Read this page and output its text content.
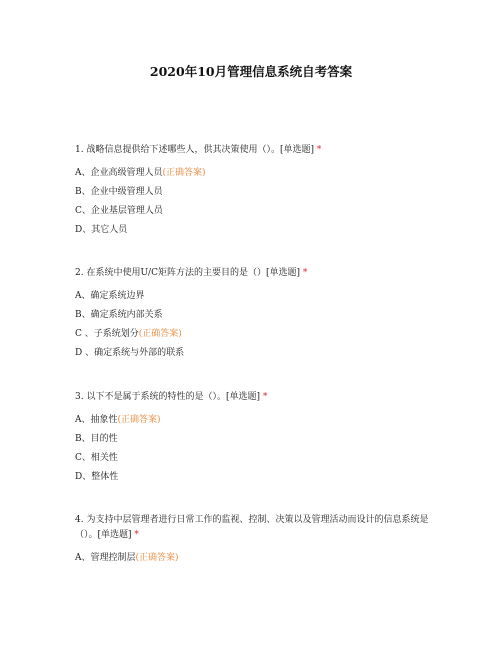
2020年10月管理信息系统自考答案
1. 战略信息提供给下述哪些人，供其决策使用（）。[单选题] *
A、企业高级管理人员(正确答案)
B、企业中级管理人员
C、企业基层管理人员
D、其它人员
2. 在系统中使用U/C矩阵方法的主要目的是（）[单选题] *
A、确定系统边界
B、确定系统内部关系
C 、子系统划分(正确答案)
D 、确定系统与外部的联系
3. 以下不是属于系统的特性的是（）。[单选题] *
A、抽象性(正确答案)
B、目的性
C、相关性
D、整体性
4. 为支持中层管理者进行日常工作的监视、控制、决策以及管理活动而设计的信息系统是（）。[单选题] *
A、管理控制层(正确答案)
